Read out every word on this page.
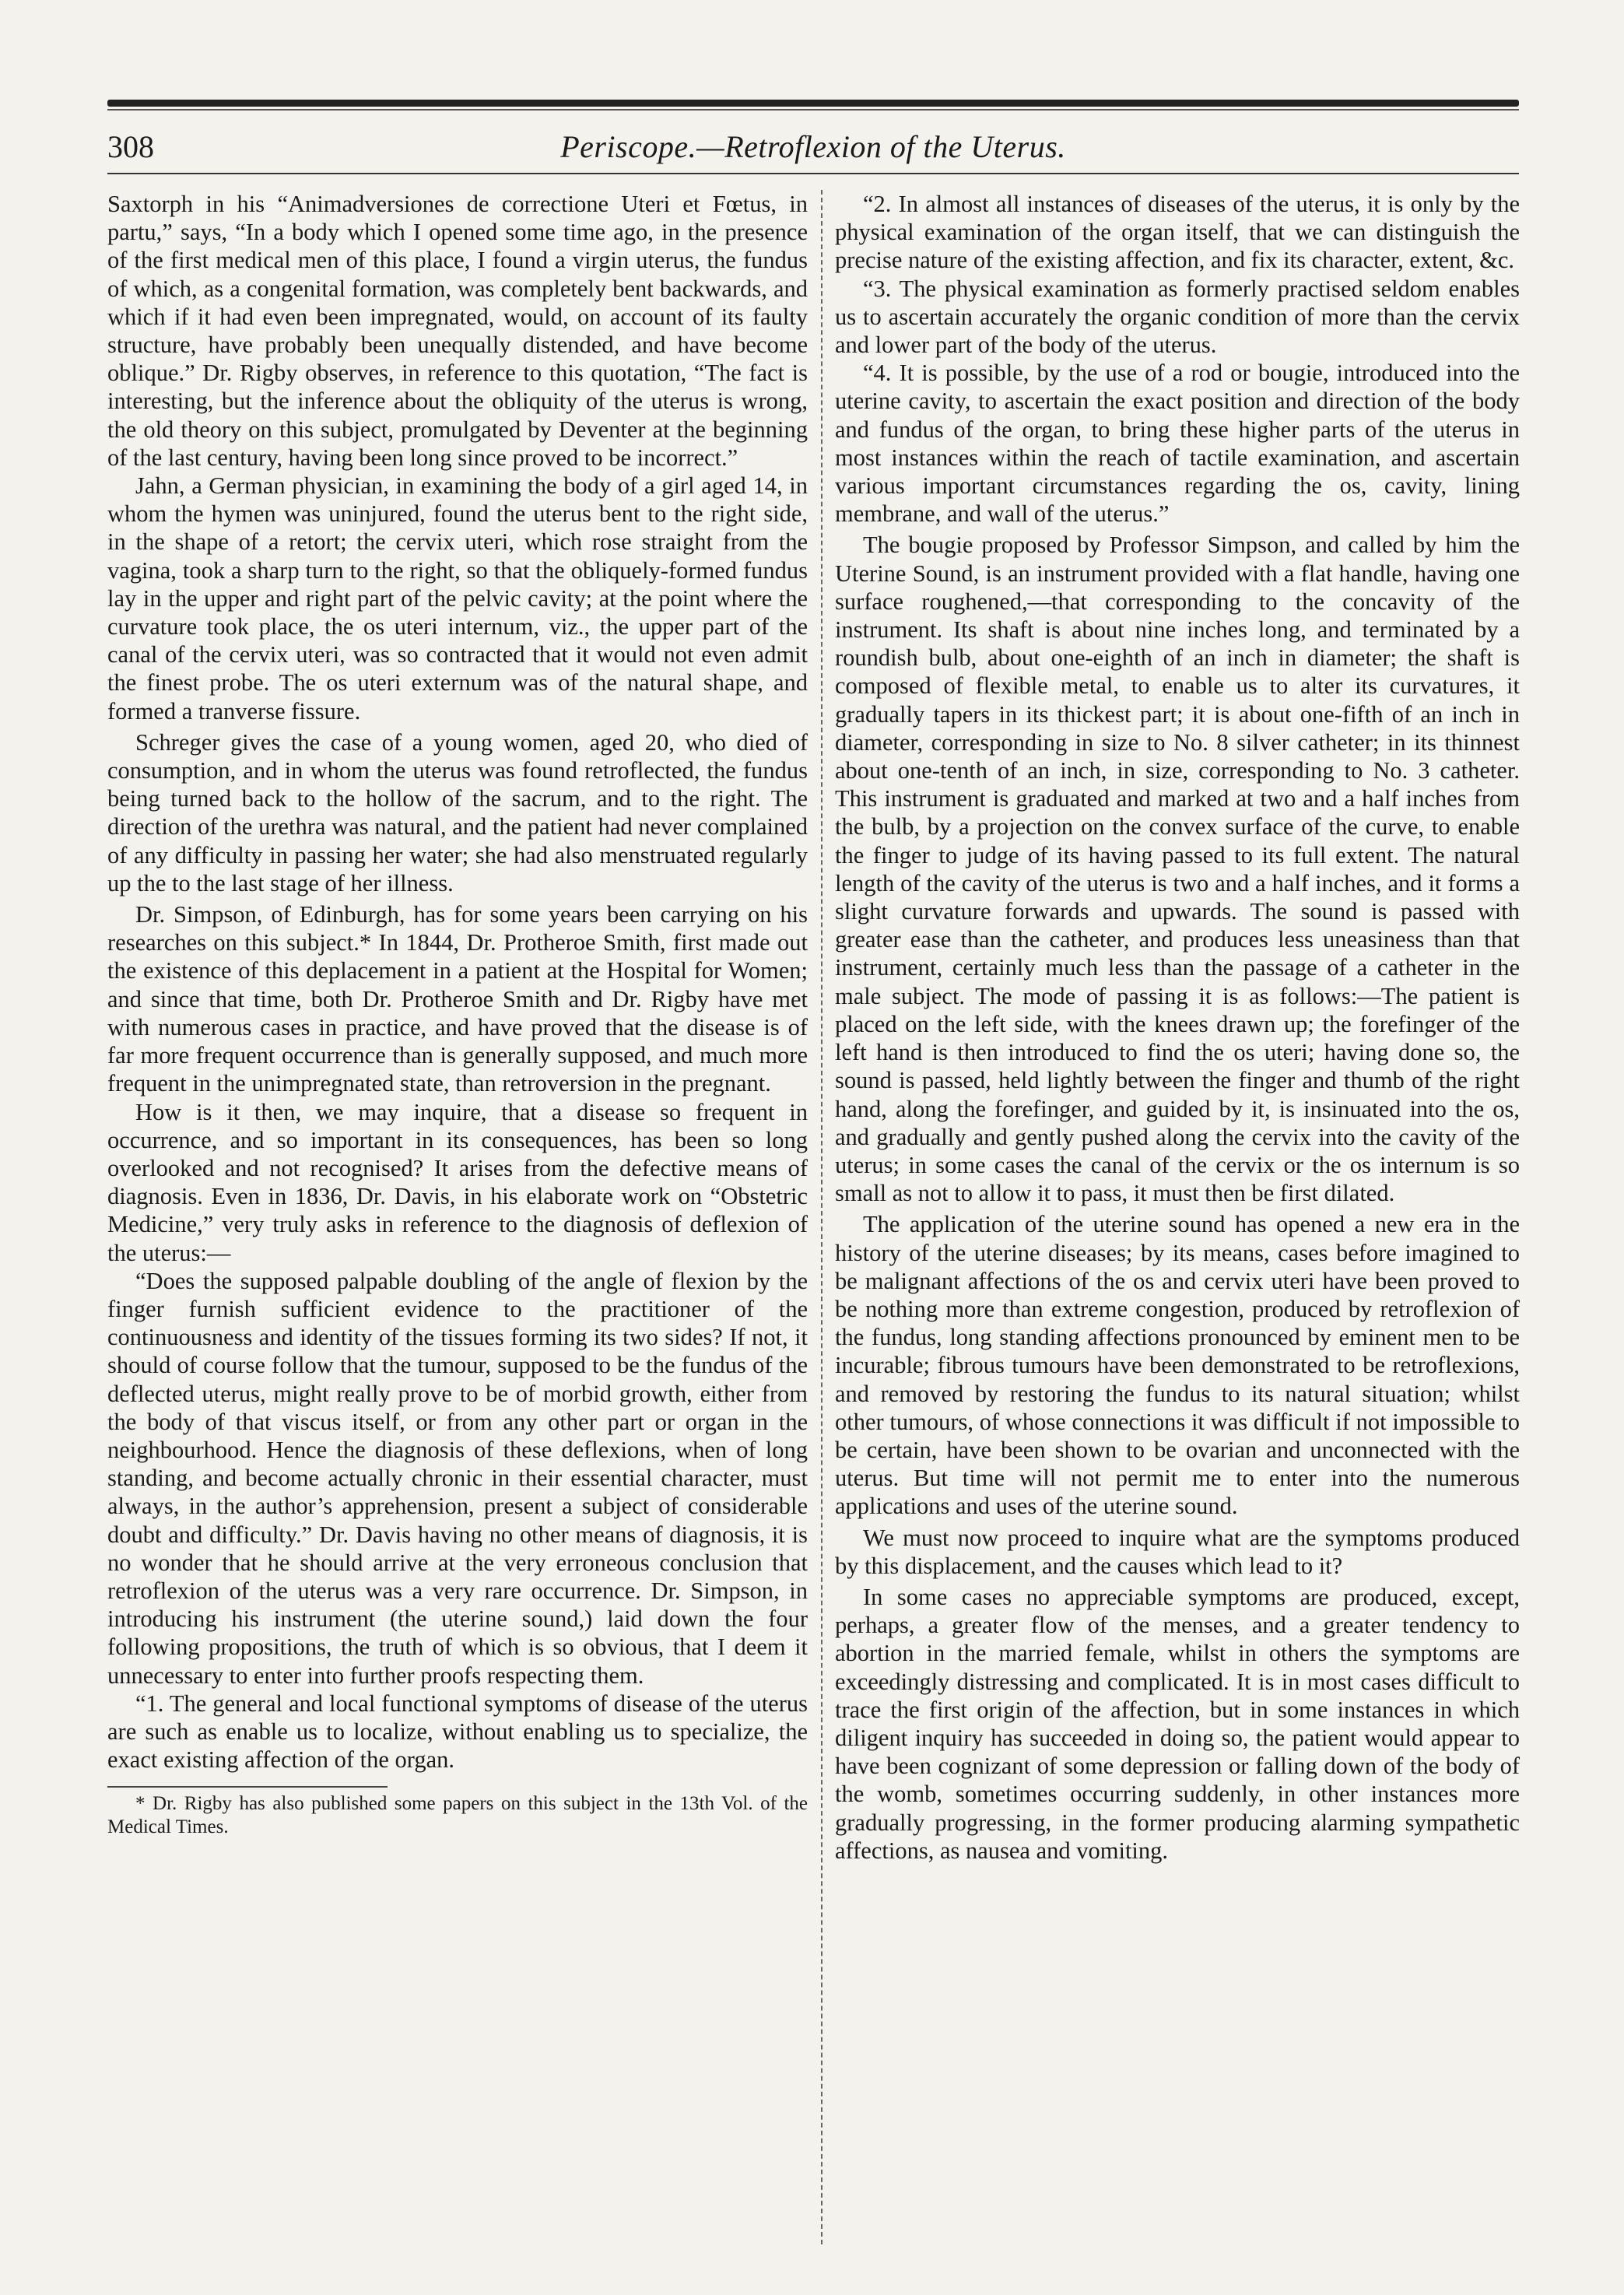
308	Periscope.—Retroflexion of the Uterus.

Saxtorph in his “Animadversiones de correctione Uteri et Fœtus, in partu,” says, “In a body which I opened some time ago, in the presence of the first medical men of this place, I found a virgin uterus, the fundus of which, as a congenital formation, was completely bent backwards, and which if it had even been impregnated, would, on account of its faulty structure, have probably been unequally distended, and have become oblique.” Dr. Rigby observes, in reference to this quotation, “The fact is interesting, but the inference about the obliquity of the uterus is wrong, the old theory on this subject, promulgated by Deventer at the beginning of the last century, having been long since proved to be incorrect.”

Jahn, a German physician, in examining the body of a girl aged 14, in whom the hymen was uninjured, found the uterus bent to the right side, in the shape of a retort; the cervix uteri, which rose straight from the vagina, took a sharp turn to the right, so that the obliquely-formed fundus lay in the upper and right part of the pelvic cavity; at the point where the curvature took place, the os uteri internum, viz., the upper part of the canal of the cervix uteri, was so contracted that it would not even admit the finest probe. The os uteri externum was of the natural shape, and formed a tranverse fissure.

Schreger gives the case of a young women, aged 20, who died of consumption, and in whom the uterus was found retroflected, the fundus being turned back to the hollow of the sacrum, and to the right. The direction of the urethra was natural, and the patient had never complained of any difficulty in passing her water; she had also menstruated regularly up the to the last stage of her illness.

Dr. Simpson, of Edinburgh, has for some years been carrying on his researches on this subject.* In 1844, Dr. Protheroe Smith, first made out the existence of this deplacement in a patient at the Hospital for Women; and since that time, both Dr. Protheroe Smith and Dr. Rigby have met with numerous cases in practice, and have proved that the disease is of far more frequent occurrence than is generally supposed, and much more frequent in the unimpregnated state, than retroversion in the pregnant.

How is it then, we may inquire, that a disease so frequent in occurrence, and so important in its consequences, has been so long overlooked and not recognised? It arises from the defective means of diagnosis. Even in 1836, Dr. Davis, in his elaborate work on “Obstetric Medicine,” very truly asks in reference to the diagnosis of deflexion of the uterus:—

“Does the supposed palpable doubling of the angle of flexion by the finger furnish sufficient evidence to the practitioner of the continuousness and identity of the tissues forming its two sides? If not, it should of course follow that the tumour, supposed to be the fundus of the deflected uterus, might really prove to be of morbid growth, either from the body of that viscus itself, or from any other part or organ in the neighbourhood. Hence the diagnosis of these deflexions, when of long standing, and become actually chronic in their essential character, must always, in the author’s apprehension, present a subject of considerable doubt and difficulty.” Dr. Davis having no other means of diagnosis, it is no wonder that he should arrive at the very erroneous conclusion that retroflexion of the uterus was a very rare occurrence. Dr. Simpson, in introducing his instrument (the uterine sound,) laid down the four following propositions, the truth of which is so obvious, that I deem it unnecessary to enter into further proofs respecting them.

“1. The general and local functional symptoms of disease of the uterus are such as enable us to localize, without enabling us to specialize, the exact existing affection of the organ.

* Dr. Rigby has also published some papers on this subject in the 13th Vol. of the Medical Times.

“2. In almost all instances of diseases of the uterus, it is only by the physical examination of the organ itself, that we can distinguish the precise nature of the existing affection, and fix its character, extent, &c.

“3. The physical examination as formerly practised seldom enables us to ascertain accurately the organic condition of more than the cervix and lower part of the body of the uterus.

“4. It is possible, by the use of a rod or bougie, introduced into the uterine cavity, to ascertain the exact position and direction of the body and fundus of the organ, to bring these higher parts of the uterus in most instances within the reach of tactile examination, and ascertain various important circumstances regarding the os, cavity, lining membrane, and wall of the uterus.”

The bougie proposed by Professor Simpson, and called by him the Uterine Sound, is an instrument provided with a flat handle, having one surface roughened,—that corresponding to the concavity of the instrument. Its shaft is about nine inches long, and terminated by a roundish bulb, about one-eighth of an inch in diameter; the shaft is composed of flexible metal, to enable us to alter its curvatures, it gradually tapers in its thickest part; it is about one-fifth of an inch in diameter, corresponding in size to No. 8 silver catheter; in its thinnest about one-tenth of an inch, in size, corresponding to No. 3 catheter. This instrument is graduated and marked at two and a half inches from the bulb, by a projection on the convex surface of the curve, to enable the finger to judge of its having passed to its full extent. The natural length of the cavity of the uterus is two and a half inches, and it forms a slight curvature forwards and upwards. The sound is passed with greater ease than the catheter, and produces less uneasiness than that instrument, certainly much less than the passage of a catheter in the male subject. The mode of passing it is as follows:—The patient is placed on the left side, with the knees drawn up; the forefinger of the left hand is then introduced to find the os uteri; having done so, the sound is passed, held lightly between the finger and thumb of the right hand, along the forefinger, and guided by it, is insinuated into the os, and gradually and gently pushed along the cervix into the cavity of the uterus; in some cases the canal of the cervix or the os internum is so small as not to allow it to pass, it must then be first dilated.

The application of the uterine sound has opened a new era in the history of the uterine diseases; by its means, cases before imagined to be malignant affections of the os and cervix uteri have been proved to be nothing more than extreme congestion, produced by retroflexion of the fundus, long standing affections pronounced by eminent men to be incurable; fibrous tumours have been demonstrated to be retroflexions, and removed by restoring the fundus to its natural situation; whilst other tumours, of whose connections it was difficult if not impossible to be certain, have been shown to be ovarian and unconnected with the uterus. But time will not permit me to enter into the numerous applications and uses of the uterine sound.

We must now proceed to inquire what are the symptoms produced by this displacement, and the causes which lead to it?

In some cases no appreciable symptoms are produced, except, perhaps, a greater flow of the menses, and a greater tendency to abortion in the married female, whilst in others the symptoms are exceedingly distressing and complicated. It is in most cases difficult to trace the first origin of the affection, but in some instances in which diligent inquiry has succeeded in doing so, the patient would appear to have been cognizant of some depression or falling down of the body of the womb, sometimes occurring suddenly, in other instances more gradually progressing, in the former producing alarming sympathetic affections, as nausea and vomiting.
